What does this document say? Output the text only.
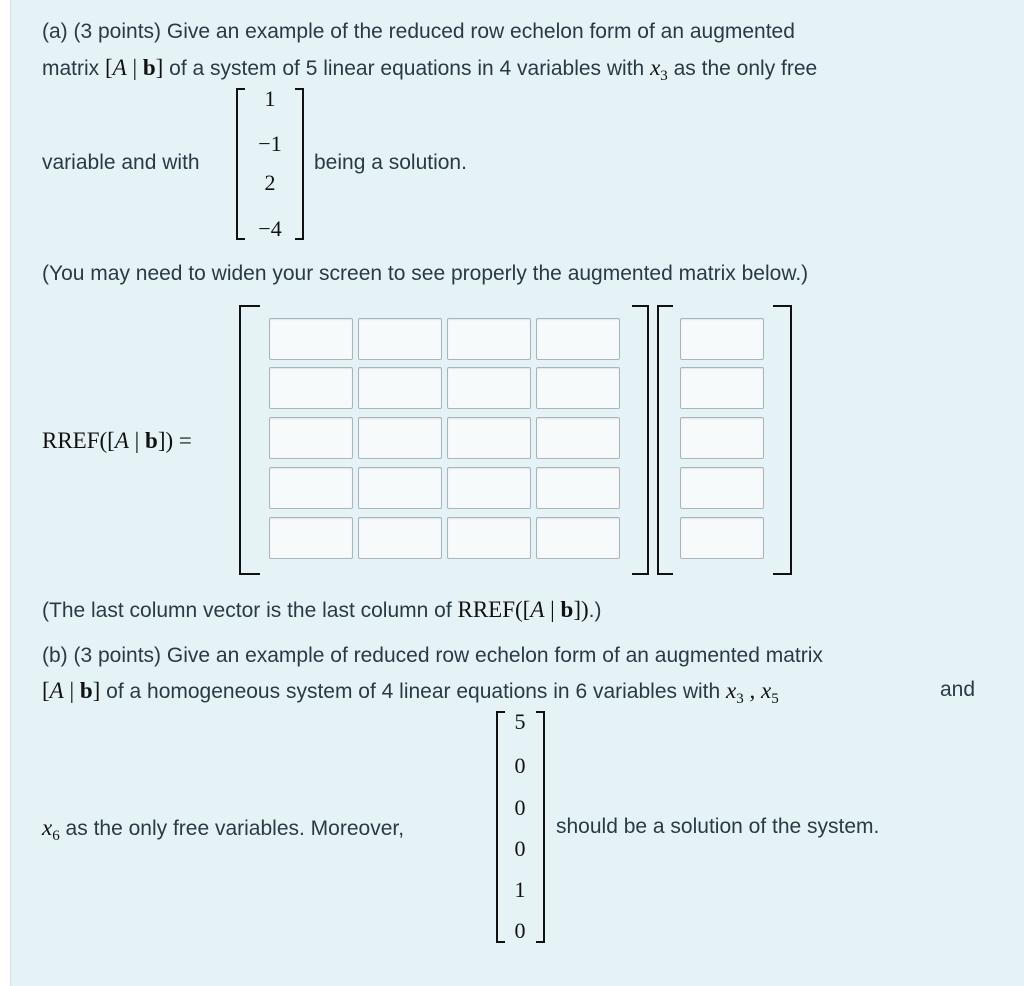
(a) (3 points) Give an example of the reduced row echelon form of an augmented
matrix [A | b] of a system of 5 linear equations in 4 variables with $x_3$ as the only free
variable and with
1
−1
2
−4
being a solution.
(You may need to widen your screen to see properly the augmented matrix below.)
RREF([A | b]) =
(The last column vector is the last column of RREF([A | b]).)
(b) (3 points) Give an example of reduced row echelon form of an augmented matrix
[A | b] of a homogeneous system of 4 linear equations in 6 variables with $x_3$ , $x_5$	and
$x_6$ as the only free variables. Moreover,
5
0
0
0
1
0
should be a solution of the system.
